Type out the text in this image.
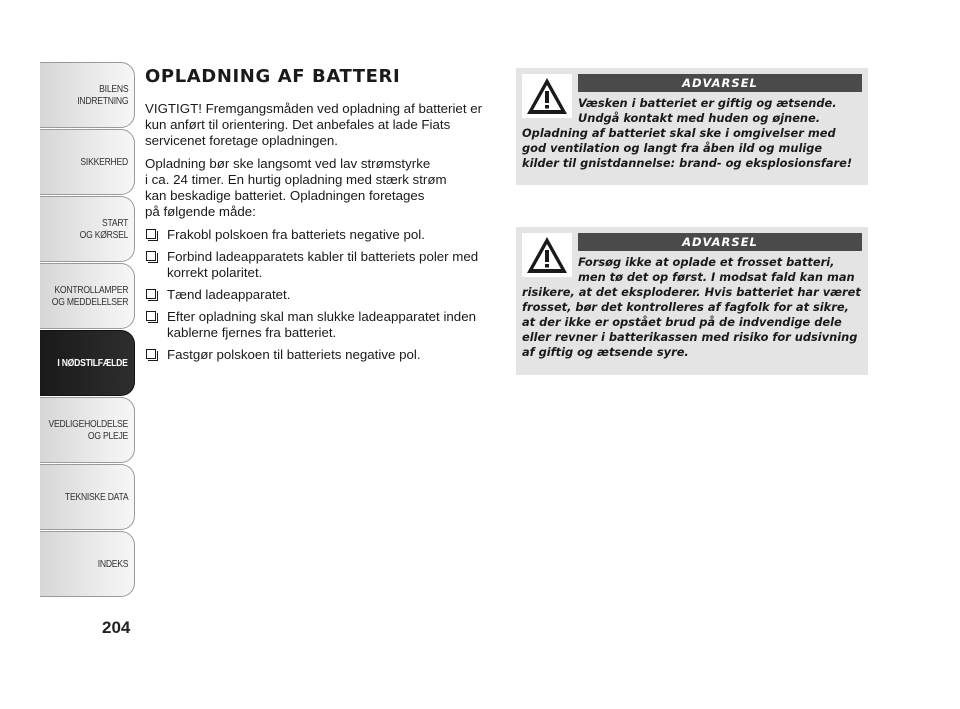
BILENS
INDRETNING
SIKKERHED
START
OG KØRSEL
KONTROLLAMPER
OG MEDDELELSER
I NØDSTILFÆLDE
VEDLIGEHOLDELSE
OG PLEJE
TEKNISKE DATA
INDEKS
204
OPLADNING AF BATTERI

VIGTIGT! Fremgangsmåden ved opladning af batteriet er kun anført til orientering. Det anbefales at lade Fiats servicenet foretage opladningen.

Opladning bør ske langsomt ved lav strømstyrke
i ca. 24 timer. En hurtig opladning med stærk strøm
kan beskadige batteriet. Opladningen foretages
på følgende måde:

Frakobl polskoen fra batteriets negative pol.
Forbind ladeapparatets kabler til batteriets poler med korrekt polaritet.
Tænd ladeapparatet.
Efter opladning skal man slukke ladeapparatet inden kablerne fjernes fra batteriet.
Fastgør polskoen til batteriets negative pol.
ADVARSEL

Væsken i batteriet er giftig og ætsende. Undgå kontakt med huden og øjnene. Opladning af batteriet skal ske i omgivelser med god ventilation og langt fra åben ild og mulige kilder til gnistdannelse: brand- og eksplosionsfare!

ADVARSEL

Forsøg ikke at oplade et frosset batteri, men tø det op først. I modsat fald kan man risikere, at det eksploderer. Hvis batteriet har været frosset, bør det kontrolleres af fagfolk for at sikre, at der ikke er opstået brud på de indvendige dele eller revner i batterikassen med risiko for udsivning af giftig og ætsende syre.
